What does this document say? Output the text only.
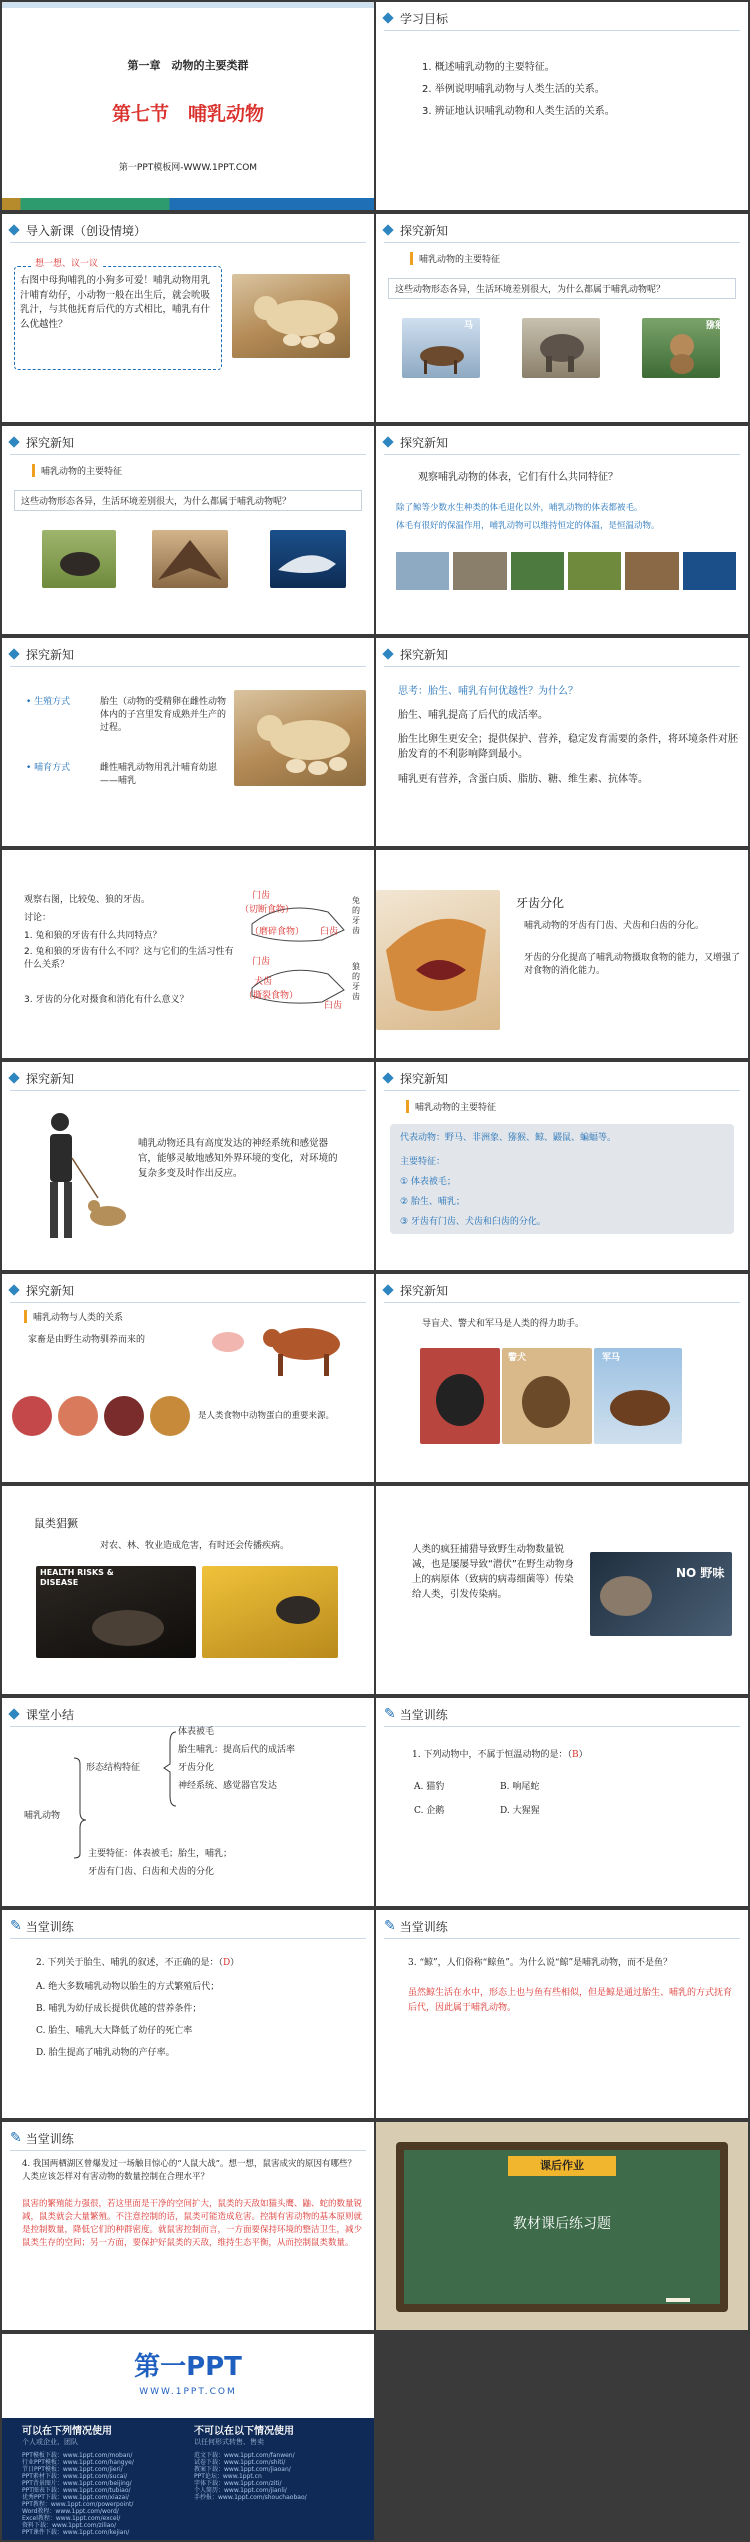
第一章　动物的主要类群
第七节　哺乳动物
第一PPT模板网-WWW.1PPT.COM
学习目标
1. 概述哺乳动物的主要特征。
2. 举例说明哺乳动物与人类生活的关系。
3. 辨证地认识哺乳动物和人类生活的关系。
导入新课（创设情境）
想一想、议一议
右图中母狗哺乳的小狗多可爱！哺乳动物用乳汁哺育幼仔，小动物一般在出生后，就会吮吸乳汁，与其他抚育后代的方式相比，哺乳有什么优越性？
探究新知
哺乳动物的主要特征
这些动物形态各异，生活环境差别很大，为什么都属于哺乳动物呢？
马	猕猴
探究新知
哺乳动物的主要特征
这些动物形态各异，生活环境差别很大，为什么都属于哺乳动物呢？
探究新知
观察哺乳动物的体表，它们有什么共同特征？
除了鲸等少数水生种类的体毛退化以外，哺乳动物的体表都被毛。
体毛有很好的保温作用，哺乳动物可以维持恒定的体温，是恒温动物。
探究新知
• 生殖方式	胎生（动物的受精卵在雌性动物体内的子宫里发育成熟并生产的过程。
• 哺育方式	雌性哺乳动物用乳汁哺育幼崽——哺乳
探究新知
思考：胎生、哺乳有何优越性？为什么？
胎生、哺乳提高了后代的成活率。
胎生比卵生更安全；提供保护、营养，稳定发育需要的条件，将环境条件对胚胎发育的不利影响降到最小。
哺乳更有营养，含蛋白质、脂肪、糖、维生素、抗体等。
观察右图，比较兔、狼的牙齿。
讨论：
1. 兔和狼的牙齿有什么共同特点？
2. 兔和狼的牙齿有什么不同？这与它们的生活习性有什么关系？
3. 牙齿的分化对摄食和消化有什么意义？
门齿
（切断食物）
（磨碎食物） 臼齿
兔的牙齿
门齿
犬齿
（撕裂食物）
臼齿
狼的牙齿
牙齿分化
哺乳动物的牙齿有门齿、犬齿和臼齿的分化。
牙齿的分化提高了哺乳动物摄取食物的能力，又增强了对食物的消化能力。
探究新知
哺乳动物还具有高度发达的神经系统和感觉器官，能够灵敏地感知外界环境的变化，对环境的复杂多变及时作出反应。
探究新知
哺乳动物的主要特征
代表动物：野马、非洲象、猕猴、鲸、鼹鼠、蝙蝠等。
主要特征：
① 体表被毛；
② 胎生、哺乳；
③ 牙齿有门齿、犬齿和臼齿的分化。
探究新知
哺乳动物与人类的关系
家畜是由野生动物驯养而来的
是人类食物中动物蛋白的重要来源。
探究新知
导盲犬、警犬和军马是人类的得力助手。
警犬	军马
鼠类猖獗
对农、林、牧业造成危害，有时还会传播疾病。
HEALTH RISKS & DISEASE
人类的疯狂捕猎导致野生动物数量锐减，也是屡屡导致“潜伏”在野生动物身上的病原体（致病的病毒细菌等）传染给人类，引发传染病。
NO 野味
课堂小结
哺乳动物
形态结构特征
体表被毛
胎生哺乳：提高后代的成活率
牙齿分化
神经系统、感觉器官发达
主要特征：体表被毛；胎生，哺乳；
牙齿有门齿、臼齿和犬齿的分化
✎ 当堂训练
1. 下列动物中，不属于恒温动物的是：（B）
A. 猫豹	B. 响尾蛇
C. 企鹅	D. 大猩猩
✎ 当堂训练
2. 下列关于胎生、哺乳的叙述，不正确的是：（D）
A. 绝大多数哺乳动物以胎生的方式繁殖后代；
B. 哺乳为幼仔成长提供优越的营养条件；
C. 胎生、哺乳大大降低了幼仔的死亡率
D. 胎生提高了哺乳动物的产仔率。
✎ 当堂训练
3. “鲸”，人们俗称“鲸鱼”。为什么说“鲸”是哺乳动物，而不是鱼？
虽然鲸生活在水中，形态上也与鱼有些相似，但是鲸是通过胎生、哺乳的方式抚育后代，因此属于哺乳动物。
✎ 当堂训练
4. 我国两栖湖区曾爆发过一场触目惊心的“人鼠大战”。想一想，鼠害成灾的原因有哪些？人类应该怎样对有害动物的数量控制在合理水平？
鼠害的繁殖能力强很，若这里面是干净的空间扩大，鼠类的天敌如猫头鹰、鼬、蛇的数量锐减，鼠类就会大量繁殖。不注意控制的话，鼠类可能造成危害。控制有害动物的基本原则就是控制数量，降低它们的种群密度。就鼠害控制而言，一方面要保持环境的整洁卫生，减少鼠类生存的空间；另一方面，要保护好鼠类的天敌，维持生态平衡，从而控制鼠类数量。
课后作业
教材课后练习题
第一PPT
WWW.1PPT.COM
可以在下列情况使用	不可以在以下情况使用
个人或企业、团队	以任何形式转售、售卖
PPT模板下载：www.1ppt.com/moban/
行业PPT模板：www.1ppt.com/hangye/
节日PPT模板：www.1ppt.com/jieri/
PPT素材下载：www.1ppt.com/sucai/
PPT背景图片：www.1ppt.com/beijing/
PPT图表下载：www.1ppt.com/tubiao/
优秀PPT下载：www.1ppt.com/xiazai/
PPT教程：www.1ppt.com/powerpoint/
Word教程：www.1ppt.com/word/
Excel教程：www.1ppt.com/excel/
资料下载：www.1ppt.com/ziliao/
PPT课件下载：www.1ppt.com/kejian/
范文下载：www.1ppt.com/fanwen/
试卷下载：www.1ppt.com/shiti/
教案下载：www.1ppt.com/jiaoan/
PPT论坛：www.1ppt.cn
字体下载：www.1ppt.com/ziti/
个人简历：www.1ppt.com/jianli/
手抄报：www.1ppt.com/shouchaobao/
